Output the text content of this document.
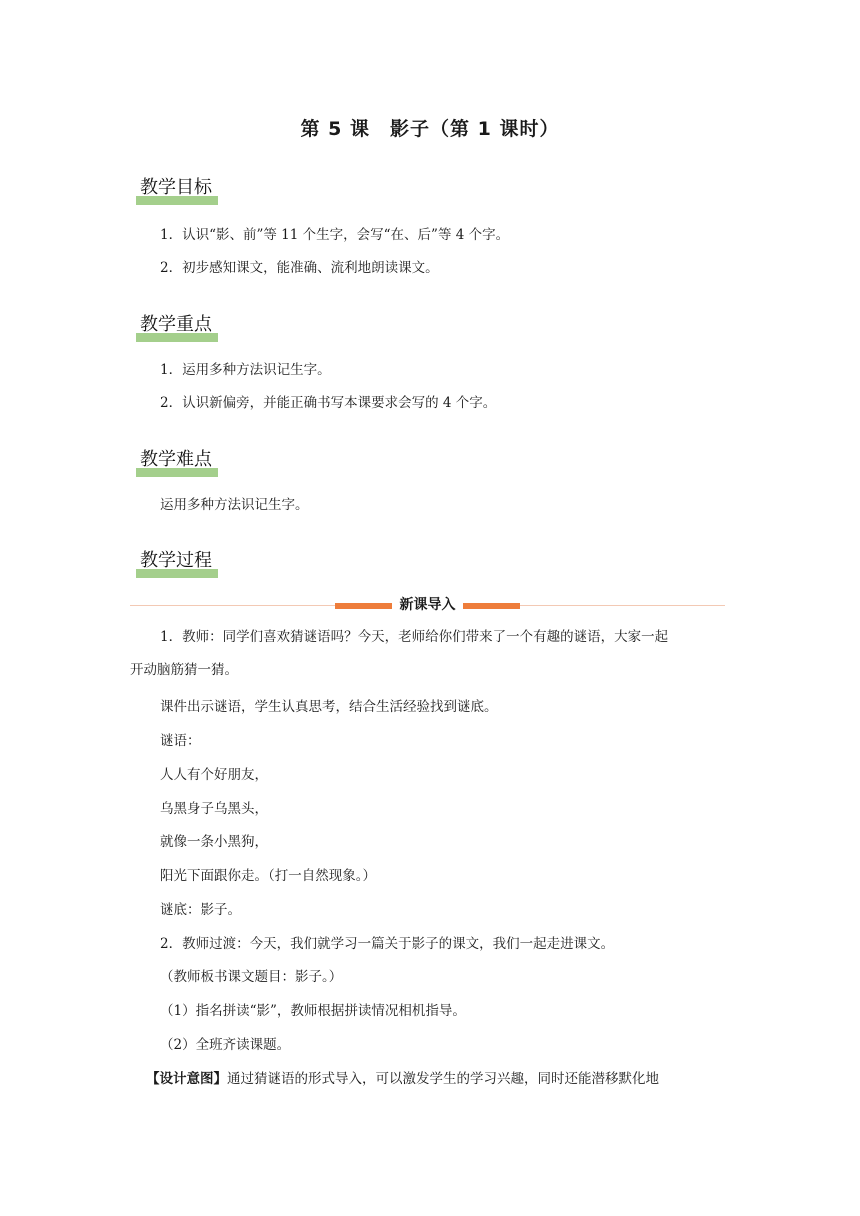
第 5 课　影子（第 1 课时）
教学目标

1．认识“影、前”等 11 个生字，会写“在、后”等 4 个字。

2．初步感知课文，能准确、流利地朗读课文。

教学重点

1．运用多种方法识记生字。

2．认识新偏旁，并能正确书写本课要求会写的 4 个字。

教学难点

运用多种方法识记生字。

教学过程
新课导入

1．教师：同学们喜欢猜谜语吗？今天，老师给你们带来了一个有趣的谜语，大家一起

开动脑筋猜一猜。

课件出示谜语，学生认真思考，结合生活经验找到谜底。

谜语：

人人有个好朋友，

乌黑身子乌黑头，

就像一条小黑狗，

阳光下面跟你走。（打一自然现象。）

谜底：影子。

2．教师过渡：今天，我们就学习一篇关于影子的课文，我们一起走进课文。

（教师板书课文题目：影子。）

（1）指名拼读“影”，教师根据拼读情况相机指导。

（2）全班齐读课题。

【设计意图】通过猜谜语的形式导入，可以激发学生的学习兴趣，同时还能潜移默化地
